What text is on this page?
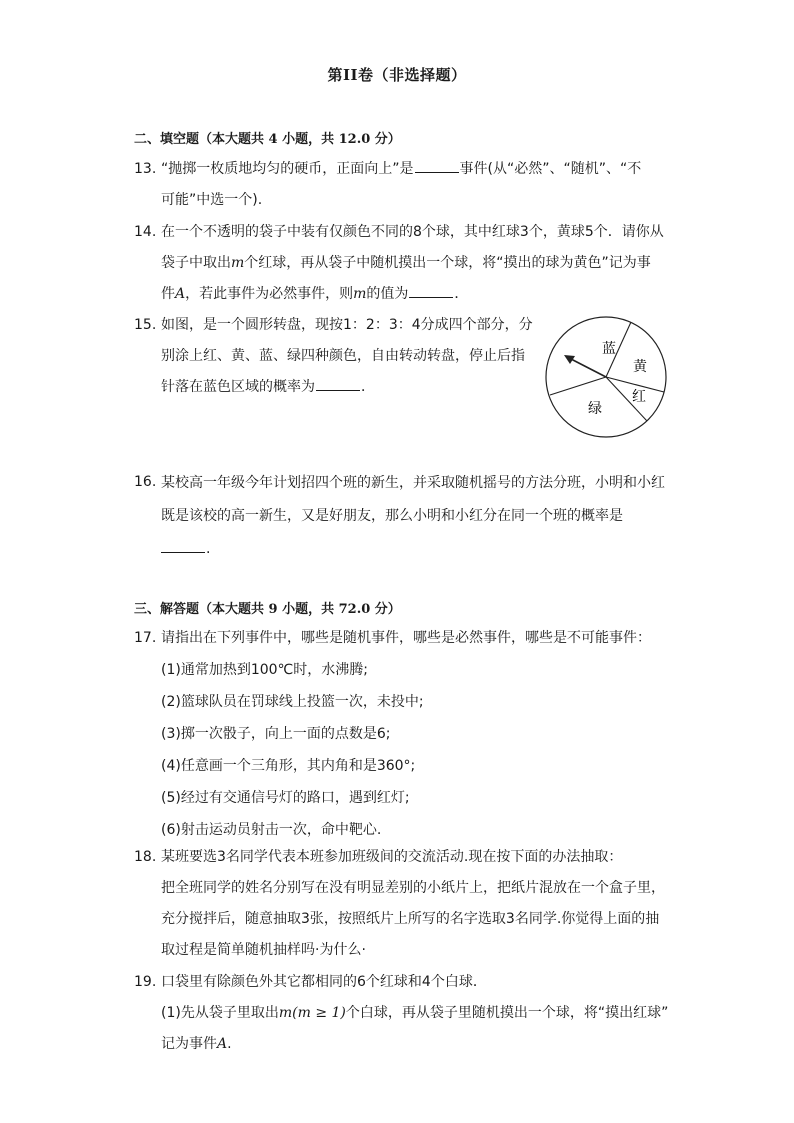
第II卷（非选择题）
二、填空题（本大题共 4 小题，共 12.0 分）
13. “抛掷一枚质地均匀的硬币，正面向上”是	事件(从“必然”、“随机”、“不
可能”中选一个).
14. 在一个不透明的袋子中装有仅颜色不同的8个球，其中红球3个，黄球5个．请你从
袋子中取出m个红球，再从袋子中随机摸出一个球，将“摸出的球为黄色”记为事
件A，若此事件为必然事件，则m的值为	．
15. 如图，是一个圆形转盘，现按1：2：3：4分成四个部分，分
别涂上红、黄、蓝、绿四种颜色，自由转动转盘，停止后指
针落在蓝色区域的概率为	．
蓝
黄
红
绿
16. 某校高一年级今年计划招四个班的新生，并采取随机摇号的方法分班，小明和小红
既是该校的高一新生，又是好朋友，那么小明和小红分在同一个班的概率是
.
三、解答题（本大题共 9 小题，共 72.0 分）
17. 请指出在下列事件中，哪些是随机事件，哪些是必然事件，哪些是不可能事件：
(1)通常加热到100℃时，水沸腾;
(2)篮球队员在罚球线上投篮一次，未投中;
(3)掷一次骰子，向上一面的点数是6;
(4)任意画一个三角形，其内角和是360°;
(5)经过有交通信号灯的路口，遇到红灯;
(6)射击运动员射击一次，命中靶心.
18. 某班要选3名同学代表本班参加班级间的交流活动.现在按下面的办法抽取：
把全班同学的姓名分别写在没有明显差别的小纸片上，把纸片混放在一个盒子里，
充分搅拌后，随意抽取3张，按照纸片上所写的名字选取3名同学.你觉得上面的抽
取过程是简单随机抽样吗·为什么·
19. 口袋里有除颜色外其它都相同的6个红球和4个白球．
(1)先从袋子里取出m(m ≥ 1)个白球，再从袋子里随机摸出一个球，将“摸出红球”
记为事件A.
